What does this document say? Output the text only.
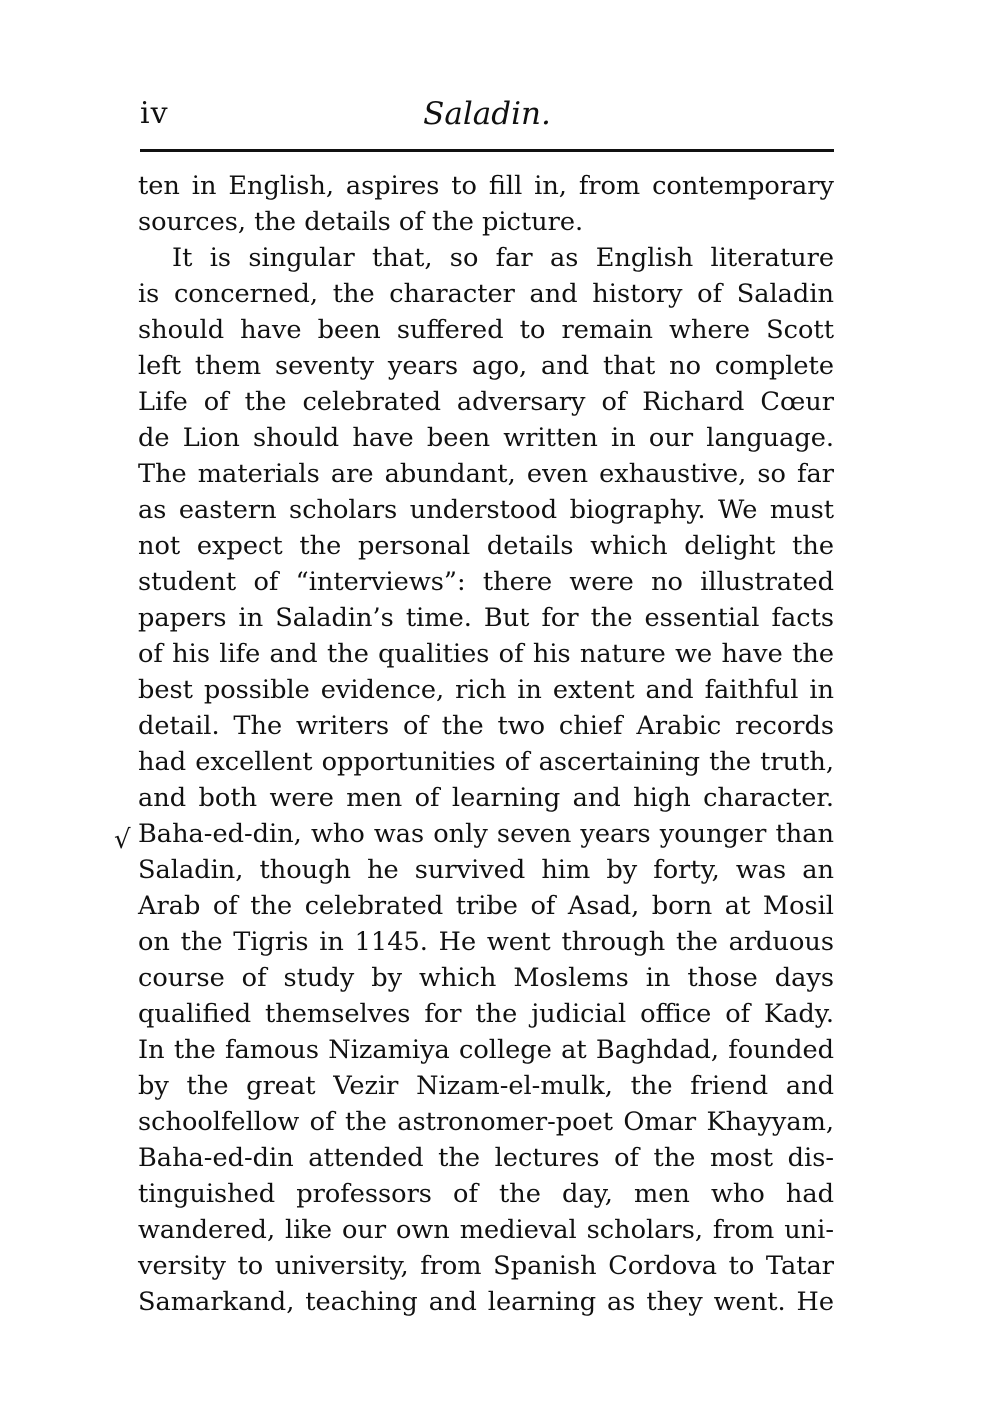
iv	Saladin.
√
ten in English, aspires to fill in, from contemporary
sources, the details of the picture.
It is singular that, so far as English literature
is concerned, the character and history of Saladin
should have been suffered to remain where Scott
left them seventy years ago, and that no complete
Life of the celebrated adversary of Richard Cœur
de Lion should have been written in our language.
The materials are abundant, even exhaustive, so far
as eastern scholars understood biography. We must
not expect the personal details which delight the
student of “interviews”: there were no illustrated
papers in Saladin’s time. But for the essential facts
of his life and the qualities of his nature we have the
best possible evidence, rich in extent and faithful in
detail. The writers of the two chief Arabic records
had excellent opportunities of ascertaining the truth,
and both were men of learning and high character.
Baha-ed-din, who was only seven years younger than
Saladin, though he survived him by forty, was an
Arab of the celebrated tribe of Asad, born at Mosil
on the Tigris in 1145. He went through the arduous
course of study by which Moslems in those days
qualified themselves for the judicial office of Kady.
In the famous Nizamiya college at Baghdad, founded
by the great Vezir Nizam-el-mulk, the friend and
schoolfellow of the astronomer-poet Omar Khayyam,
Baha-ed-din attended the lectures of the most dis-
tinguished professors of the day, men who had
wandered, like our own medieval scholars, from uni-
versity to university, from Spanish Cordova to Tatar
Samarkand, teaching and learning as they went. He
